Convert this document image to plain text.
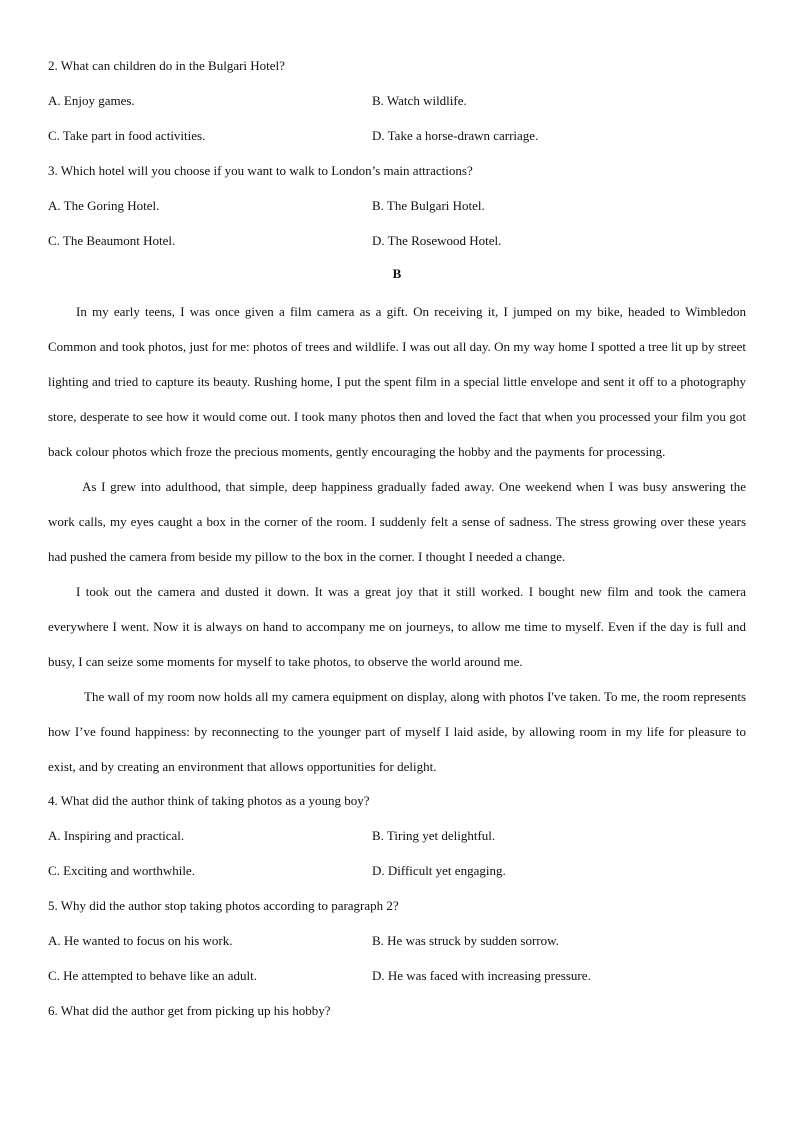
2. What can children do in the Bulgari Hotel?
A. Enjoy games.	B. Watch wildlife.
C. Take part in food activities.	D. Take a horse-drawn carriage.
3. Which hotel will you choose if you want to walk to London’s main attractions?
A. The Goring Hotel.	B. The Bulgari Hotel.
C. The Beaumont Hotel.	D. The Rosewood Hotel.
B

In my early teens, I was once given a film camera as a gift. On receiving it, I jumped on my bike, headed to Wimbledon Common and took photos, just for me: photos of trees and wildlife. I was out all day. On my way home I spotted a tree lit up by street lighting and tried to capture its beauty. Rushing home, I put the spent film in a special little envelope and sent it off to a photography store, desperate to see how it would come out. I took many photos then and loved the fact that when you processed your film you got back colour photos which froze the precious moments, gently encouraging the hobby and the payments for processing.

As I grew into adulthood, that simple, deep happiness gradually faded away. One weekend when I was busy answering the work calls, my eyes caught a box in the corner of the room. I suddenly felt a sense of sadness. The stress growing over these years had pushed the camera from beside my pillow to the box in the corner. I thought I needed a change.

I took out the camera and dusted it down. It was a great joy that it still worked. I bought new film and took the camera everywhere I went. Now it is always on hand to accompany me on journeys, to allow me time to myself. Even if the day is full and busy, I can seize some moments for myself to take photos, to observe the world around me.

The wall of my room now holds all my camera equipment on display, along with photos I've taken. To me, the room represents how I’ve found happiness: by reconnecting to the younger part of myself I laid aside, by allowing room in my life for pleasure to exist, and by creating an environment that allows opportunities for delight.

4. What did the author think of taking photos as a young boy?
A. Inspiring and practical.	B. Tiring yet delightful.
C. Exciting and worthwhile.	D. Difficult yet engaging.
5. Why did the author stop taking photos according to paragraph 2?
A. He wanted to focus on his work.	B. He was struck by sudden sorrow.
C. He attempted to behave like an adult.	D. He was faced with increasing pressure.
6. What did the author get from picking up his hobby?
